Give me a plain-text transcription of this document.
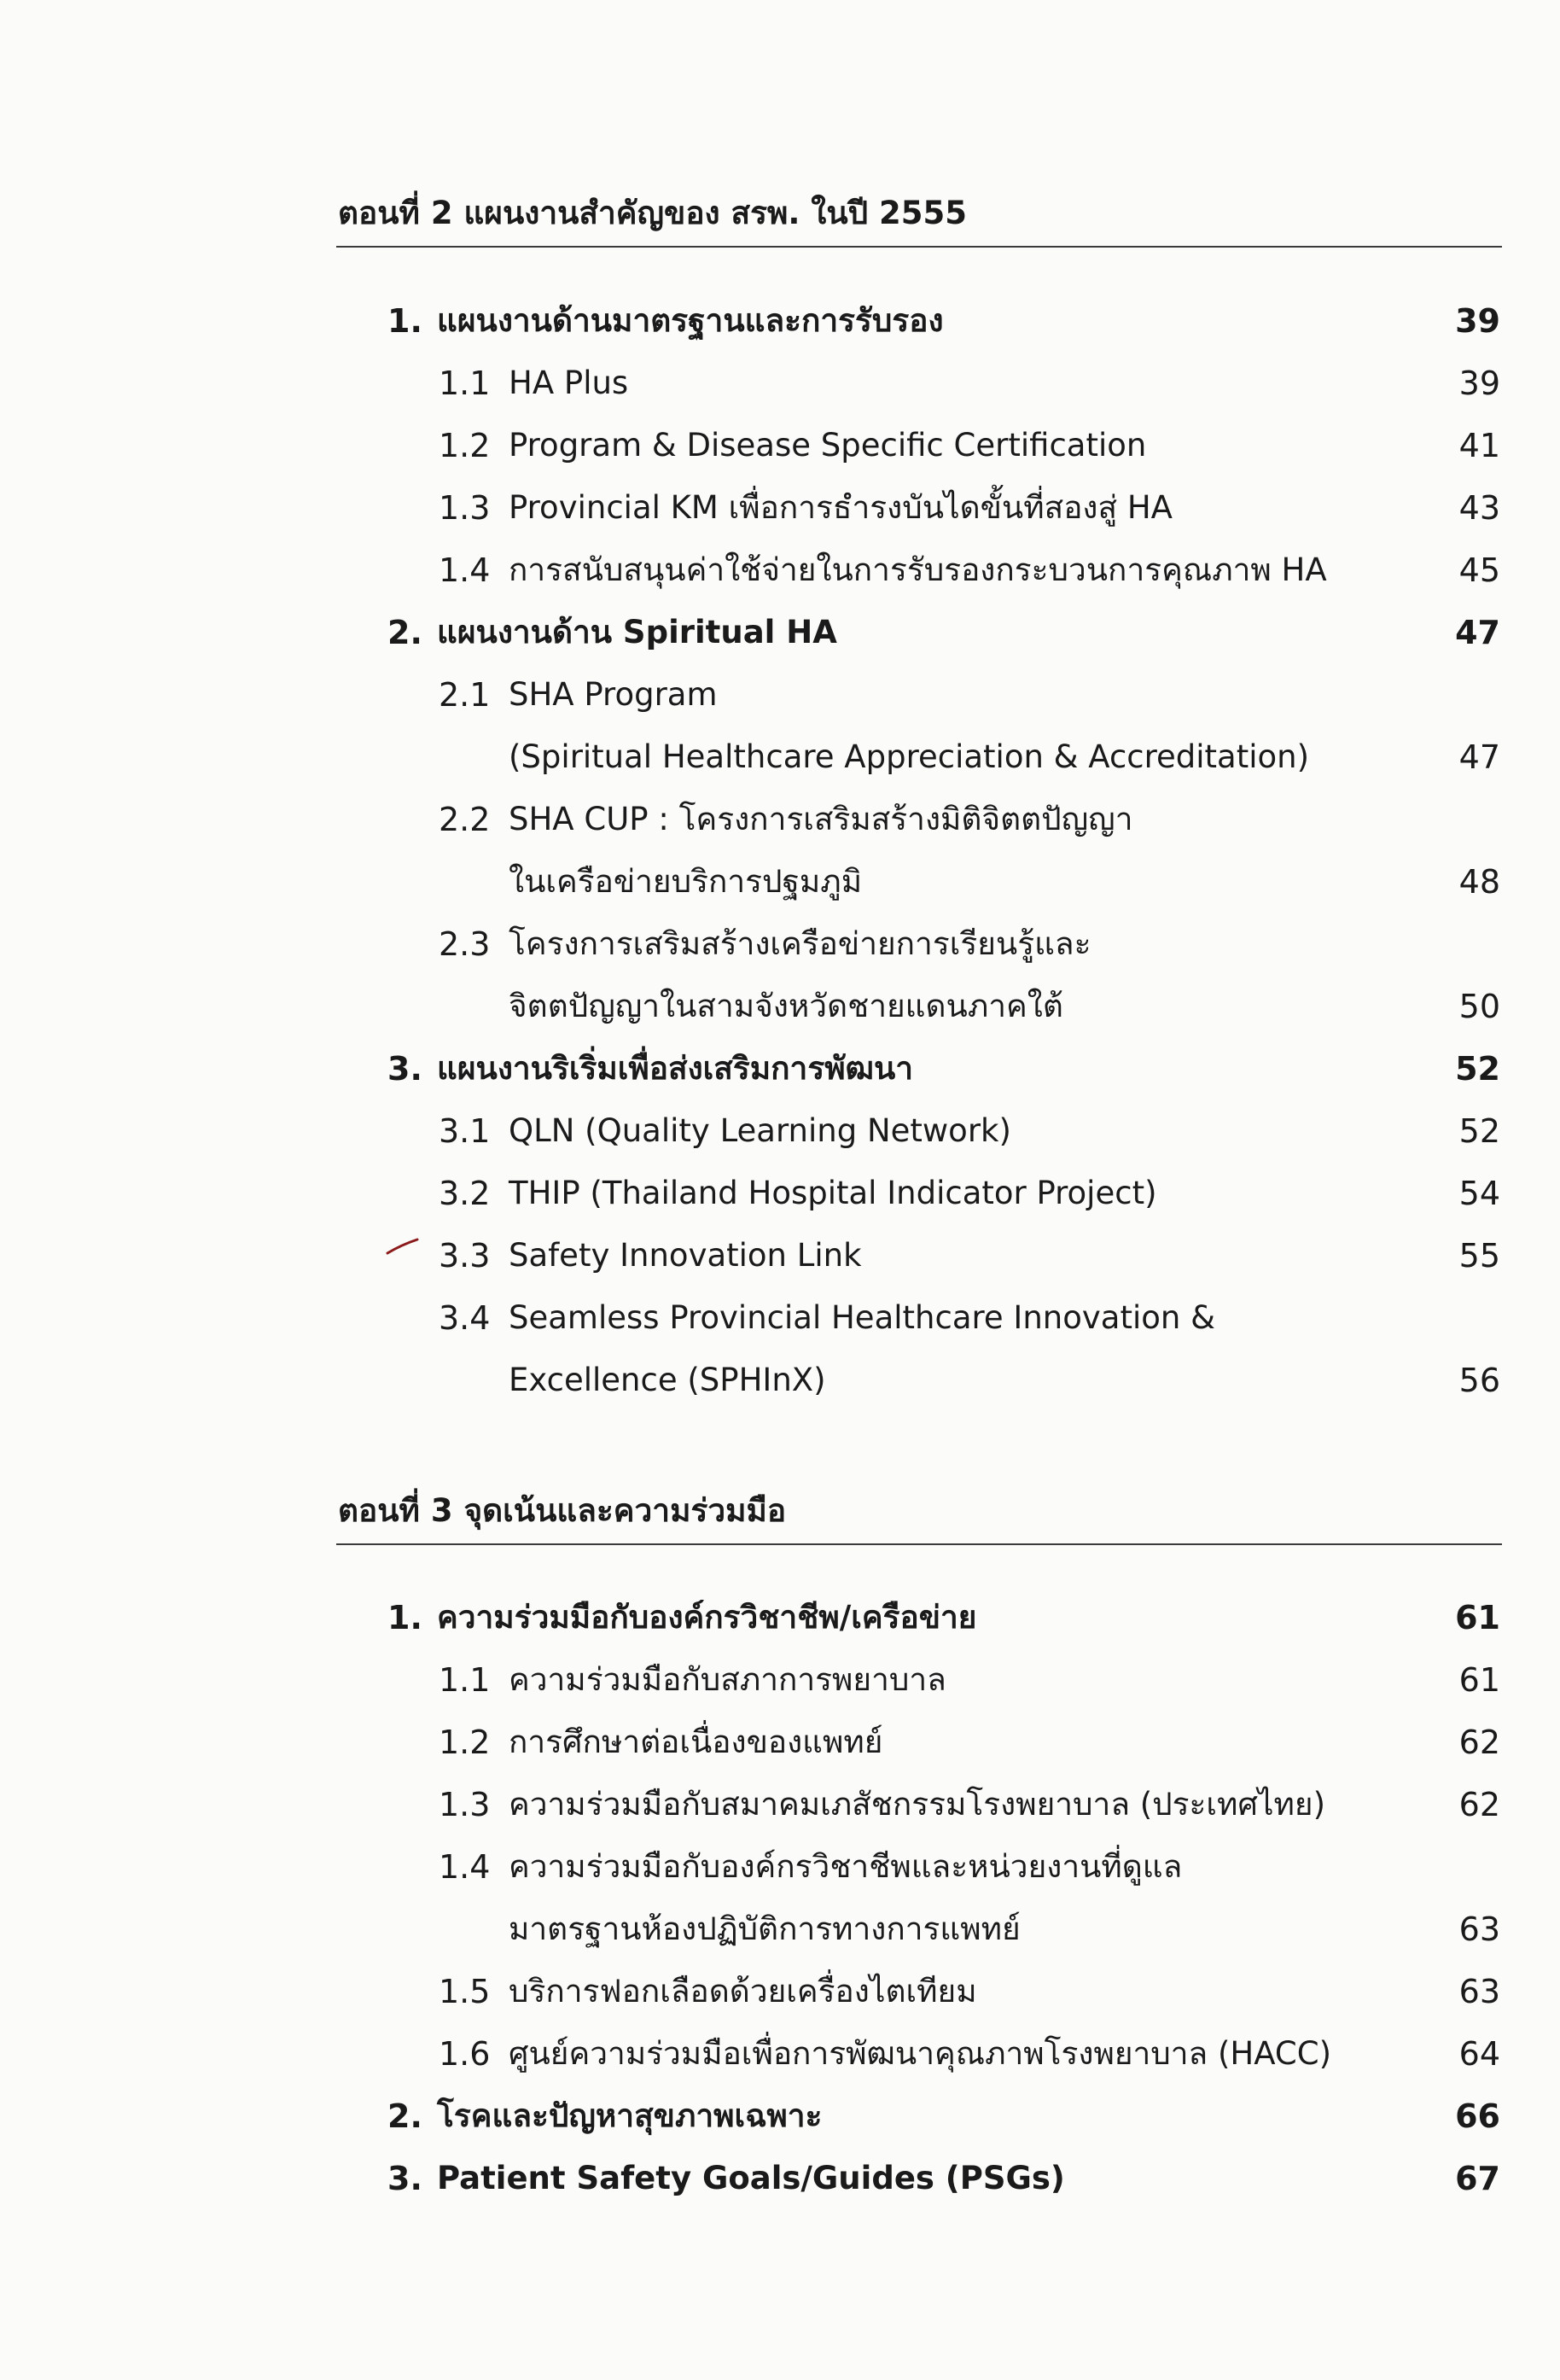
ตอนที่ 2 แผนงานสำคัญของ สรพ. ในปี 2555
1. แผนงานด้านมาตรฐานและการรับรอง	39
1.1 HA Plus	39
1.2 Program & Disease Specific Certification	41
1.3 Provincial KM เพื่อการธำรงบันไดขั้นที่สองสู่ HA	43
1.4 การสนับสนุนค่าใช้จ่ายในการรับรองกระบวนการคุณภาพ HA	45
2. แผนงานด้าน Spiritual HA	47
2.1 SHA Program
(Spiritual Healthcare Appreciation & Accreditation)	47
2.2 SHA CUP : โครงการเสริมสร้างมิติจิตตปัญญา
ในเครือข่ายบริการปฐมภูมิ	48
2.3 โครงการเสริมสร้างเครือข่ายการเรียนรู้และ
จิตตปัญญาในสามจังหวัดชายแดนภาคใต้	50
3. แผนงานริเริ่มเพื่อส่งเสริมการพัฒนา	52
3.1 QLN (Quality Learning Network)	52
3.2 THIP (Thailand Hospital Indicator Project)	54
3.3 Safety Innovation Link	55
3.4 Seamless Provincial Healthcare Innovation &
Excellence (SPHInX)	56
ตอนที่ 3 จุดเน้นและความร่วมมือ
1. ความร่วมมือกับองค์กรวิชาชีพ/เครือข่าย	61
1.1 ความร่วมมือกับสภาการพยาบาล	61
1.2 การศึกษาต่อเนื่องของแพทย์	62
1.3 ความร่วมมือกับสมาคมเภสัชกรรมโรงพยาบาล (ประเทศไทย)	62
1.4 ความร่วมมือกับองค์กรวิชาชีพและหน่วยงานที่ดูแล
มาตรฐานห้องปฏิบัติการทางการแพทย์	63
1.5 บริการฟอกเลือดด้วยเครื่องไตเทียม	63
1.6 ศูนย์ความร่วมมือเพื่อการพัฒนาคุณภาพโรงพยาบาล (HACC)	64
2. โรคและปัญหาสุขภาพเฉพาะ	66
3. Patient Safety Goals/Guides (PSGs)	67
